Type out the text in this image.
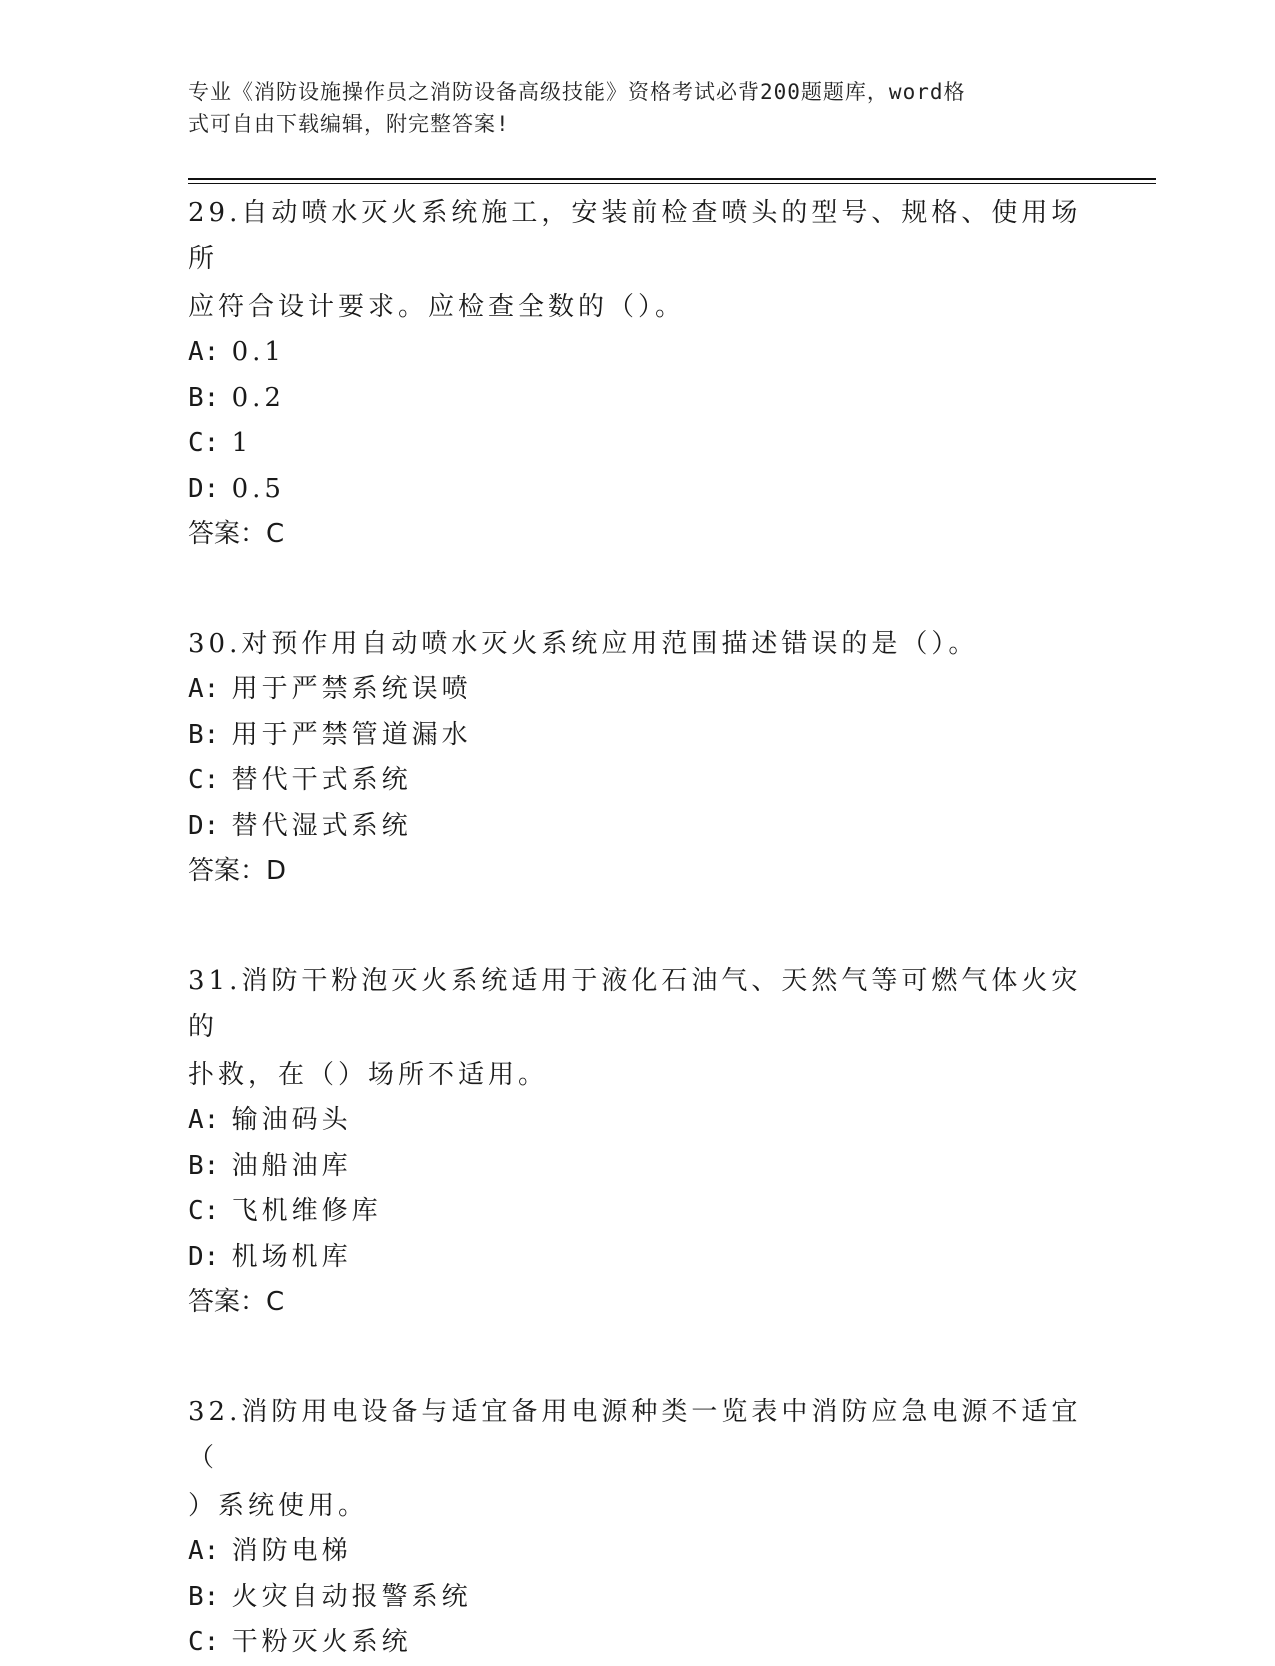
专业《消防设施操作员之消防设备高级技能》资格考试必背200题题库，word格
式可自由下载编辑，附完整答案!
29.自动喷水灭火系统施工，安装前检查喷头的型号、规格、使用场所
应符合设计要求。应检查全数的（）。
A: 0.1
B: 0.2
C: 1
D: 0.5
答案：C
30.对预作用自动喷水灭火系统应用范围描述错误的是（）。
A: 用于严禁系统误喷
B: 用于严禁管道漏水
C: 替代干式系统
D: 替代湿式系统
答案：D
31.消防干粉泡灭火系统适用于液化石油气、天然气等可燃气体火灾的
扑救，在（）场所不适用。
A: 输油码头
B: 油船油库
C: 飞机维修库
D: 机场机库
答案：C
32.消防用电设备与适宜备用电源种类一览表中消防应急电源不适宜（
）系统使用。
A: 消防电梯
B: 火灾自动报警系统
C: 干粉灭火系统
